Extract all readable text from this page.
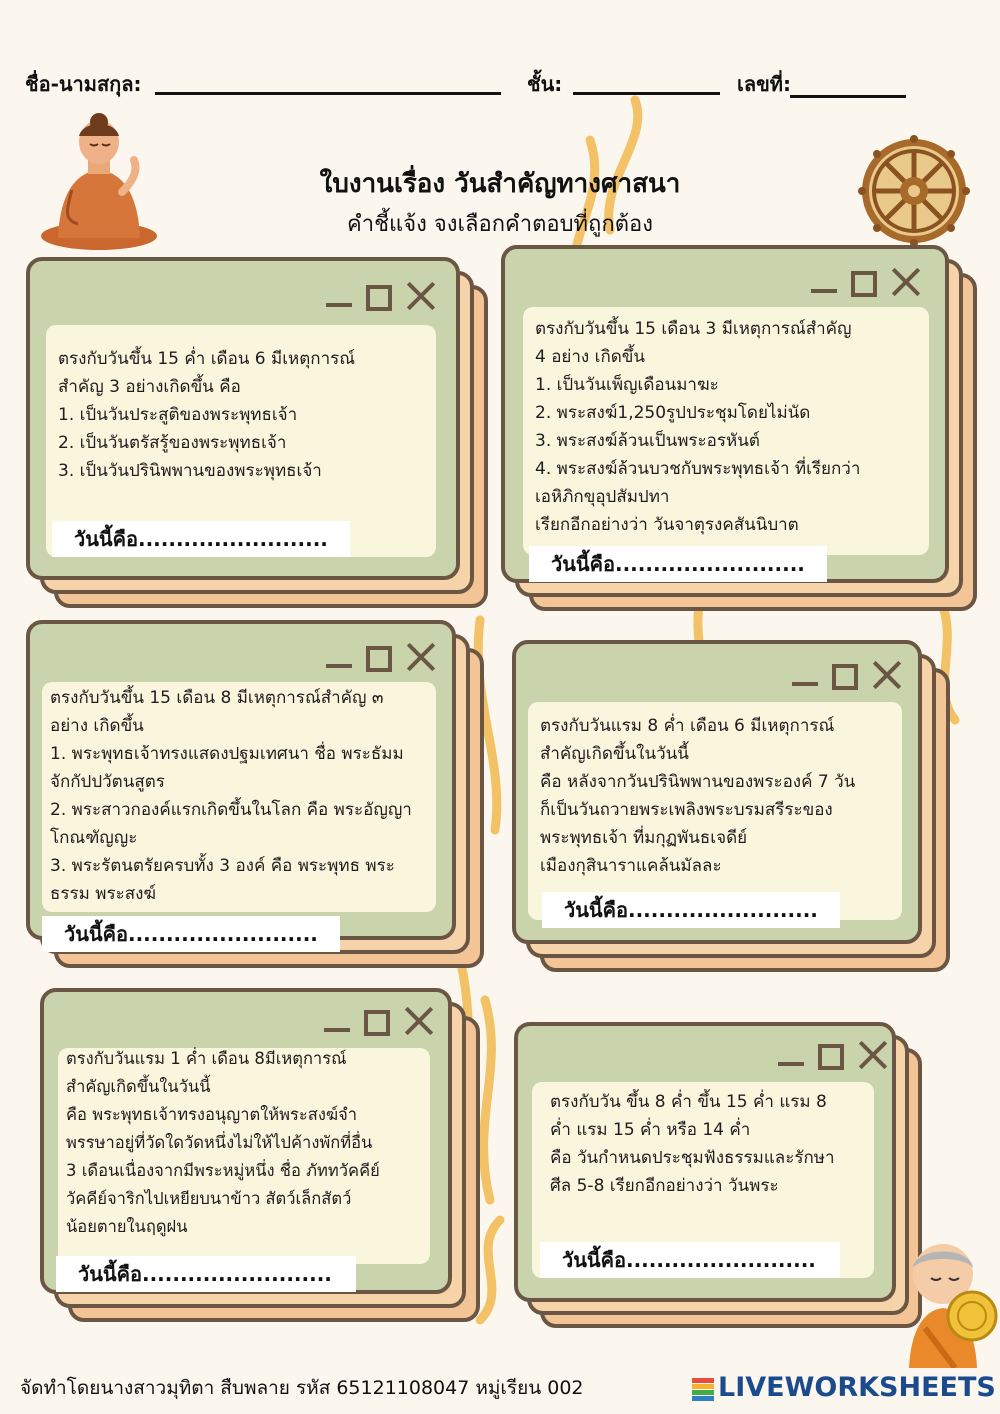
ชื่อ-นามสกุล:	ชั้น:	เลขที่:
ใบงานเรื่อง วันสำคัญทางศาสนา
คำชี้แจ้ง จงเลือกคำตอบที่ถูกต้อง
ตรงกับวันขึ้น 15 ค่ำ เดือน 6 มีเหตุการณ์
สำคัญ 3 อย่างเกิดขึ้น คือ
1. เป็นวันประสูติของพระพุทธเจ้า
2. เป็นวันตรัสรู้ของพระพุทธเจ้า
3. เป็นวันปรินิพพานของพระพุทธเจ้า
วันนี้คือ.........................
ตรงกับวันขึ้น 15 เดือน 3 มีเหตุการณ์สำคัญ
4 อย่าง เกิดขึ้น
1. เป็นวันเพ็ญเดือนมาฆะ
2. พระสงฆ์1,250รูปประชุมโดยไม่นัด
3. พระสงฆ์ล้วนเป็นพระอรหันต์
4. พระสงฆ์ล้วนบวชกับพระพุทธเจ้า ที่เรียกว่า
เอหิภิกขุอุปสัมปทา
เรียกอีกอย่างว่า วันจาตุรงคสันนิบาต
วันนี้คือ.........................
ตรงกับวันขึ้น 15 เดือน 8 มีเหตุการณ์สำคัญ ๓
อย่าง เกิดขึ้น
1. พระพุทธเจ้าทรงแสดงปฐมเทศนา ชื่อ พระธัมม
จักกัปปวัตนสูตร
2. พระสาวกองค์แรกเกิดขึ้นในโลก คือ พระอัญญา
โกณฑัญญะ
3. พระรัตนตรัยครบทั้ง 3 องค์ คือ พระพุทธ พระ
ธรรม พระสงฆ์
วันนี้คือ.........................
ตรงกับวันแรม 8 ค่ำ เดือน 6 มีเหตุการณ์
สำคัญเกิดขึ้นในวันนี้
คือ หลังจากวันปรินิพพานของพระองค์ 7 วัน
ก็เป็นวันถวายพระเพลิงพระบรมสรีระของ
พระพุทธเจ้า ที่มกุฏพันธเจดีย์
เมืองกุสินาราแคล้นมัลละ
วันนี้คือ.........................
ตรงกับวันแรม 1 ค่ำ เดือน 8มีเหตุการณ์
สำคัญเกิดขึ้นในวันนี้
คือ พระพุทธเจ้าทรงอนุญาตให้พระสงฆ์จำ
พรรษาอยู่ที่วัดใดวัดหนึ่งไม่ให้ไปค้างพักที่อื่น
3 เดือนเนื่องจากมีพระหมู่หนึ่ง ชื่อ ภัททวัคคีย์
วัคคีย์จาริกไปเหยียบนาข้าว สัตว์เล็กสัตว์
น้อยตายในฤดูฝน
วันนี้คือ.........................
ตรงกับวัน ขึ้น 8 ค่ำ ขึ้น 15 ค่ำ แรม 8
ค่ำ แรม 15 ค่ำ หรือ 14 ค่ำ
คือ วันกำหนดประชุมฟังธรรมและรักษา
ศีล 5-8 เรียกอีกอย่างว่า วันพระ
วันนี้คือ.........................
จัดทำโดยนางสาวมุทิตา สืบพลาย รหัส 65121108047 หมู่เรียน 002	LIVEWORKSHEETS
